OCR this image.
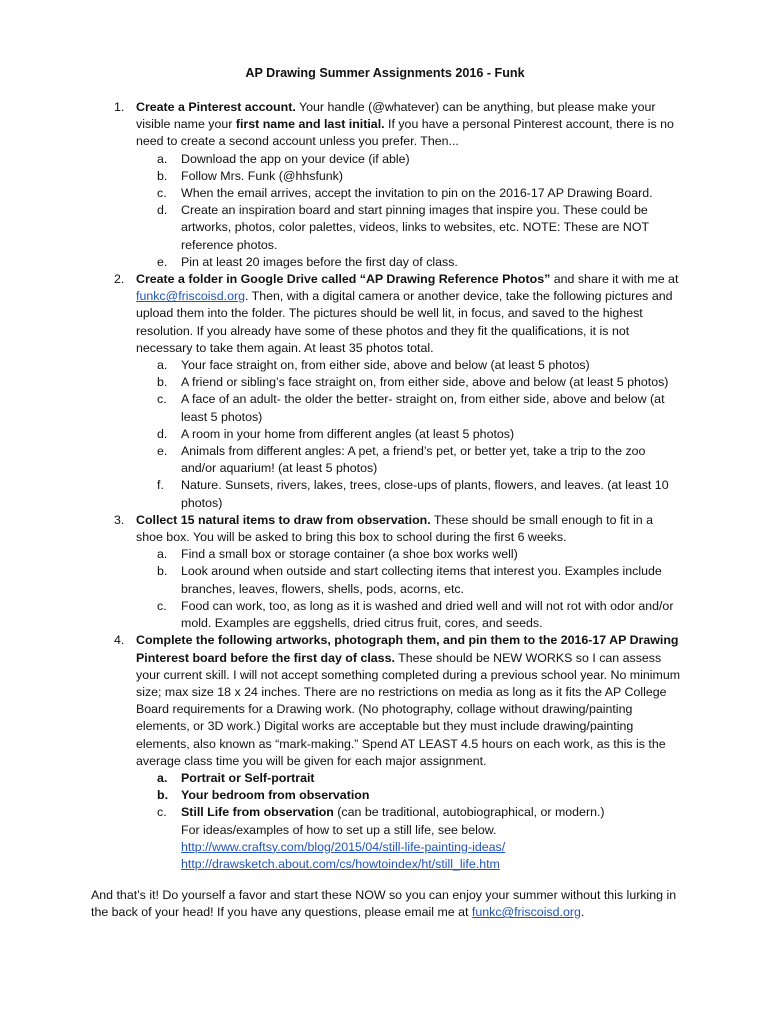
AP Drawing Summer Assignments 2016 - Funk
1. Create a Pinterest account. Your handle (@whatever) can be anything, but please make your visible name your first name and last initial. If you have a personal Pinterest account, there is no need to create a second account unless you prefer. Then...
a. Download the app on your device (if able)
b. Follow Mrs. Funk (@hhsfunk)
c. When the email arrives, accept the invitation to pin on the 2016-17 AP Drawing Board.
d. Create an inspiration board and start pinning images that inspire you. These could be artworks, photos, color palettes, videos, links to websites, etc. NOTE: These are NOT reference photos.
e. Pin at least 20 images before the first day of class.
2. Create a folder in Google Drive called “AP Drawing Reference Photos” and share it with me at funkc@friscoisd.org. Then, with a digital camera or another device, take the following pictures and upload them into the folder. The pictures should be well lit, in focus, and saved to the highest resolution. If you already have some of these photos and they fit the qualifications, it is not necessary to take them again. At least 35 photos total.
a. Your face straight on, from either side, above and below (at least 5 photos)
b. A friend or sibling’s face straight on, from either side, above and below (at least 5 photos)
c. A face of an adult- the older the better- straight on, from either side, above and below (at least 5 photos)
d. A room in your home from different angles (at least 5 photos)
e. Animals from different angles: A pet, a friend’s pet, or better yet, take a trip to the zoo and/or aquarium! (at least 5 photos)
f. Nature. Sunsets, rivers, lakes, trees, close-ups of plants, flowers, and leaves. (at least 10 photos)
3. Collect 15 natural items to draw from observation. These should be small enough to fit in a shoe box. You will be asked to bring this box to school during the first 6 weeks.
a. Find a small box or storage container (a shoe box works well)
b. Look around when outside and start collecting items that interest you. Examples include branches, leaves, flowers, shells, pods, acorns, etc.
c. Food can work, too, as long as it is washed and dried well and will not rot with odor and/or mold. Examples are eggshells, dried citrus fruit, cores, and seeds.
4. Complete the following artworks, photograph them, and pin them to the 2016-17 AP Drawing Pinterest board before the first day of class. These should be NEW WORKS so I can assess your current skill. I will not accept something completed during a previous school year. No minimum size; max size 18 x 24 inches. There are no restrictions on media as long as it fits the AP College Board requirements for a Drawing work. (No photography, collage without drawing/painting elements, or 3D work.) Digital works are acceptable but they must include drawing/painting elements, also known as “mark-making.” Spend AT LEAST 4.5 hours on each work, as this is the average class time you will be given for each major assignment.
a. Portrait or Self-portrait
b. Your bedroom from observation
c. Still Life from observation (can be traditional, autobiographical, or modern.)
For ideas/examples of how to set up a still life, see below.
http://www.craftsy.com/blog/2015/04/still-life-painting-ideas/
http://drawsketch.about.com/cs/howtoindex/ht/still_life.htm
And that’s it! Do yourself a favor and start these NOW so you can enjoy your summer without this lurking in the back of your head! If you have any questions, please email me at funkc@friscoisd.org.
